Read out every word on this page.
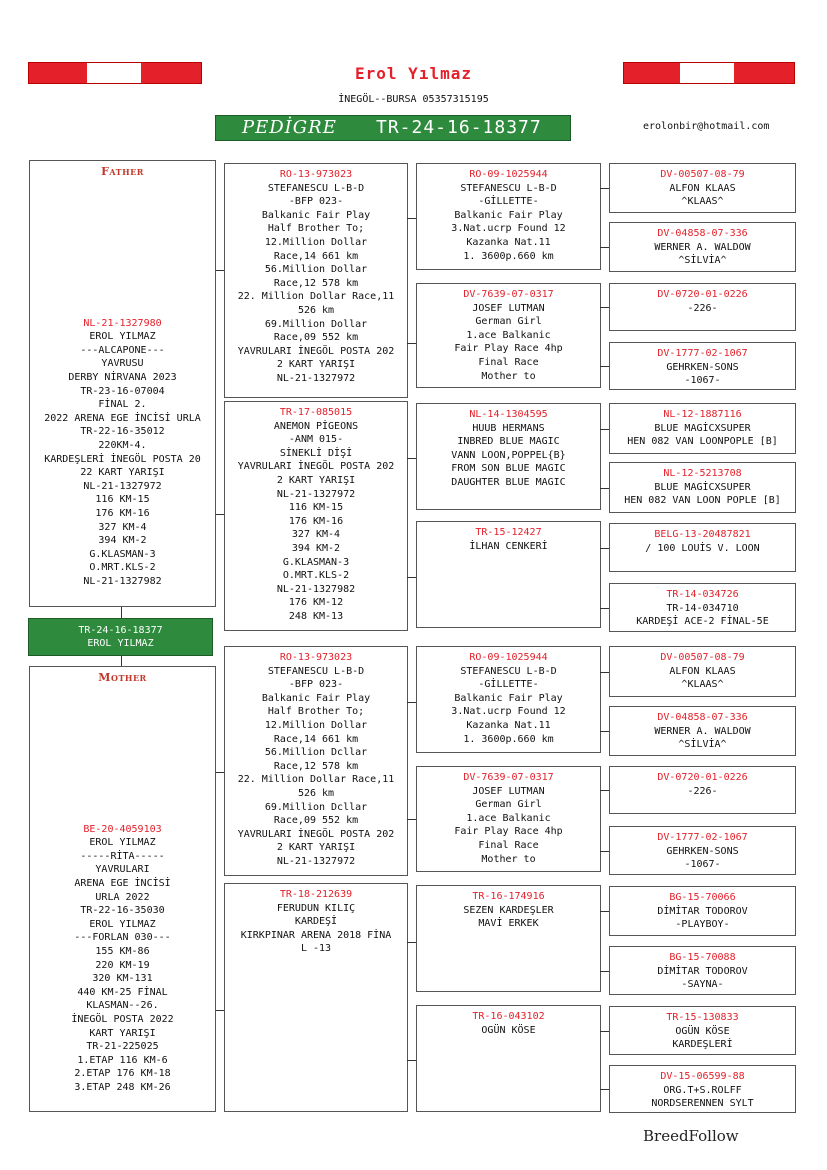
Erol Yılmaz
İNEGÖL--BURSA 05357315195
PEDİGRE TR-24-16-18377	erolonbir@hotmail.com
Father
NL-21-1327980
EROL YILMAZ
---ALCAPONE---
YAVRUSU
DERBY NİRVANA 2023
TR-23-16-07004
FİNAL 2.
2022 ARENA EGE İNCİSİ URLA
TR-22-16-35012
220KM-4.
KARDEŞLERİ İNEGÖL POSTA 20
22 KART YARIŞI
NL-21-1327972
116 KM-15
176 KM-16
327 KM-4
394 KM-2
G.KLASMAN-3
O.MRT.KLS-2
NL-21-1327982
TR-24-16-18377
EROL YILMAZ
Mother
BE-20-4059103
EROL YILMAZ
-----RİTA-----
YAVRULARI
ARENA EGE İNCİSİ
URLA 2022
TR-22-16-35030
EROL YILMAZ
---FORLAN 030---
155 KM-86
220 KM-19
320 KM-131
440 KM-25 FİNAL
KLASMAN--26.
İNEGÖL POSTA 2022
KART YARIŞI
TR-21-225025
1.ETAP 116 KM-6
2.ETAP 176 KM-18
3.ETAP 248 KM-26
RO-13-973023
STEFANESCU L-B-D
-BFP 023-
Balkanic Fair Play
Half Brother To;
12.Million Dollar
Race,14 661 km
56.Million Dollar
Race,12 578 km
22. Million Dollar Race,11
526 km
69.Million Dollar
Race,09 552 km
YAVRULARI İNEGÖL POSTA 202
2 KART YARIŞI
NL-21-1327972
TR-17-085015
ANEMON PİGEONS
-ANM 015-
SİNEKLİ DİŞİ
YAVRULARI İNEGÖL POSTA 202
2 KART YARIŞI
NL-21-1327972
116 KM-15
176 KM-16
327 KM-4
394 KM-2
G.KLASMAN-3
O.MRT.KLS-2
NL-21-1327982
176 KM-12
248 KM-13
RO-13-973023
STEFANESCU L-B-D
-BFP 023-
Balkanic Fair Play
Half Brother To;
12.Million Dollar
Race,14 661 km
56.Million Dcllar
Race,12 578 km
22. Million Dollar Race,11
526 km
69.Million Dcllar
Race,09 552 km
YAVRULARI İNEGÖL POSTA 202
2 KART YARIŞI
NL-21-1327972
TR-18-212639
FERUDUN KILIÇ
KARDEŞİ
KIRKPINAR ARENA 2018 FİNA
L -13
RO-09-1025944
STEFANESCU L-B-D
-GİLLETTE-
Balkanic Fair Play
3.Nat.ucrp Found 12
Kazanka Nat.11
1. 3600p.660 km
DV-7639-07-0317
JOSEF LUTMAN
German Girl
1.ace Balkanic
Fair Play Race 4hp
Final Race
Mother to
NL-14-1304595
HUUB HERMANS
INBRED BLUE MAGIC
VANN LOON,POPPEL{B}
FROM SON BLUE MAGIC
DAUGHTER BLUE MAGIC
TR-15-12427
İLHAN CENKERİ
RO-09-1025944
STEFANESCU L-B-D
-GİLLETTE-
Balkanic Fair Play
3.Nat.ucrp Found 12
Kazanka Nat.11
1. 3600p.660 km
DV-7639-07-0317
JOSEF LUTMAN
German Girl
1.ace Balkanic
Fair Play Race 4hp
Final Race
Mother to
TR-16-174916
SEZEN KARDEŞLER
MAVİ ERKEK
TR-16-043102
OGÜN KÖSE
DV-00507-08-79
ALFON KLAAS
^KLAAS^
DV-04858-07-336
WERNER A. WALDOW
^SİLVİA^
DV-0720-01-0226
-226-
DV-1777-02-1067
GEHRKEN-SONS
-1067-
NL-12-1887116
BLUE MAGİCXSUPER
HEN 082 VAN LOONPOPLE [B]
NL-12-5213708
BLUE MAGİCXSUPER
HEN 082 VAN LOON POPLE [B]
BELG-13-20487821
/ 100 LOUİS V. LOON
TR-14-034726
TR-14-034710
KARDEŞİ ACE-2 FİNAL-5E
DV-00507-08-79
ALFON KLAAS
^KLAAS^
DV-04858-07-336
WERNER A. WALDOW
^SİLVİA^
DV-0720-01-0226
-226-
DV-1777-02-1067
GEHRKEN-SONS
-1067-
BG-15-70066
DİMİTAR TODOROV
-PLAYBOY-
BG-15-70088
DİMİTAR TODOROV
-SAYNA-
TR-15-130833
OGÜN KÖSE
KARDEŞLERİ
DV-15-06599-88
ORG.T+S.ROLFF
NORDSERENNEN SYLT
BreedFollow
